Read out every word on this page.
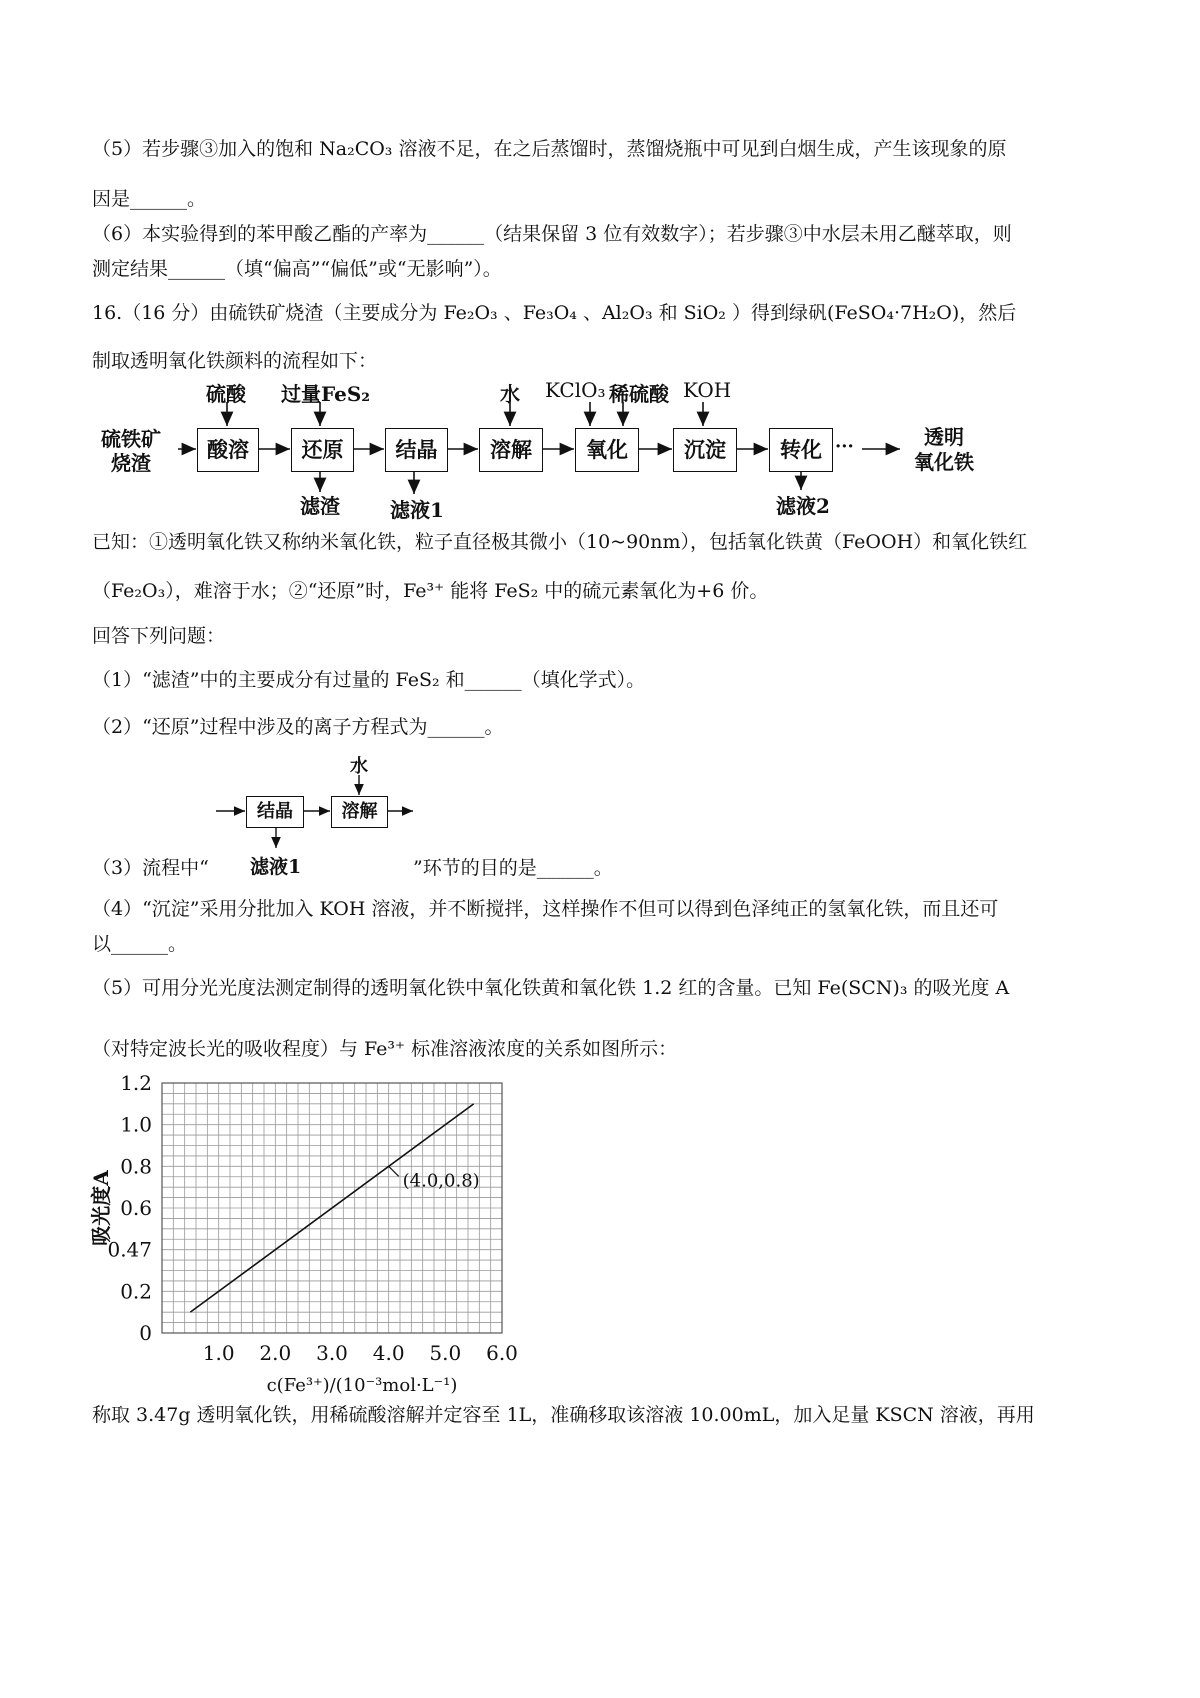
（5）若步骤③加入的饱和 Na₂CO₃ 溶液不足，在之后蒸馏时，蒸馏烧瓶中可见到白烟生成，产生该现象的原
因是______。
（6）本实验得到的苯甲酸乙酯的产率为______（结果保留 3 位有效数字）；若步骤③中水层未用乙醚萃取，则
测定结果______（填“偏高”“偏低”或“无影响”）。
16.（16 分）由硫铁矿烧渣（主要成分为 Fe₂O₃ 、Fe₃O₄ 、Al₂O₃ 和 SiO₂ ）得到绿矾(FeSO₄·7H₂O)，然后
制取透明氧化铁颜料的流程如下：
硫铁矿
烧渣
酸溶	还原	结晶	溶解	氧化	沉淀	转化 ···	透明
氧化铁
硫酸 过量FeS₂	水 KClO₃ 稀硫酸 KOH
滤渣	滤液1	滤液2
已知：①透明氧化铁又称纳米氧化铁，粒子直径极其微小（10~90nm），包括氧化铁黄（FeOOH）和氧化铁红
（Fe₂O₃），难溶于水；②“还原”时，Fe³⁺ 能将 FeS₂ 中的硫元素氧化为+6 价。
回答下列问题：
（1）“滤渣”中的主要成分有过量的 FeS₂ 和______（填化学式）。
（2）“还原”过程中涉及的离子方程式为______。
水
结晶	溶解
滤液1
（3）流程中“	”环节的目的是______。
（4）“沉淀”采用分批加入 KOH 溶液，并不断搅拌，这样操作不但可以得到色泽纯正的氢氧化铁，而且还可
以______。
（5）可用分光光度法测定制得的透明氧化铁中氧化铁黄和氧化铁 1.2 红的含量。已知 Fe(SCN)₃ 的吸光度 A
（对特定波长光的吸收程度）与 Fe³⁺ 标准溶液浓度的关系如图所示：
1.0 2.0 3.0 4.0 5.0 6.0
0
0.2
0.47
0.6
0.8
1.0
1.2
吸光度A
c(Fe³⁺)/(10⁻³mol·L⁻¹)
(4.0,0.8)
称取 3.47g 透明氧化铁，用稀硫酸溶解并定容至 1L，准确移取该溶液 10.00mL，加入足量 KSCN 溶液，再用
